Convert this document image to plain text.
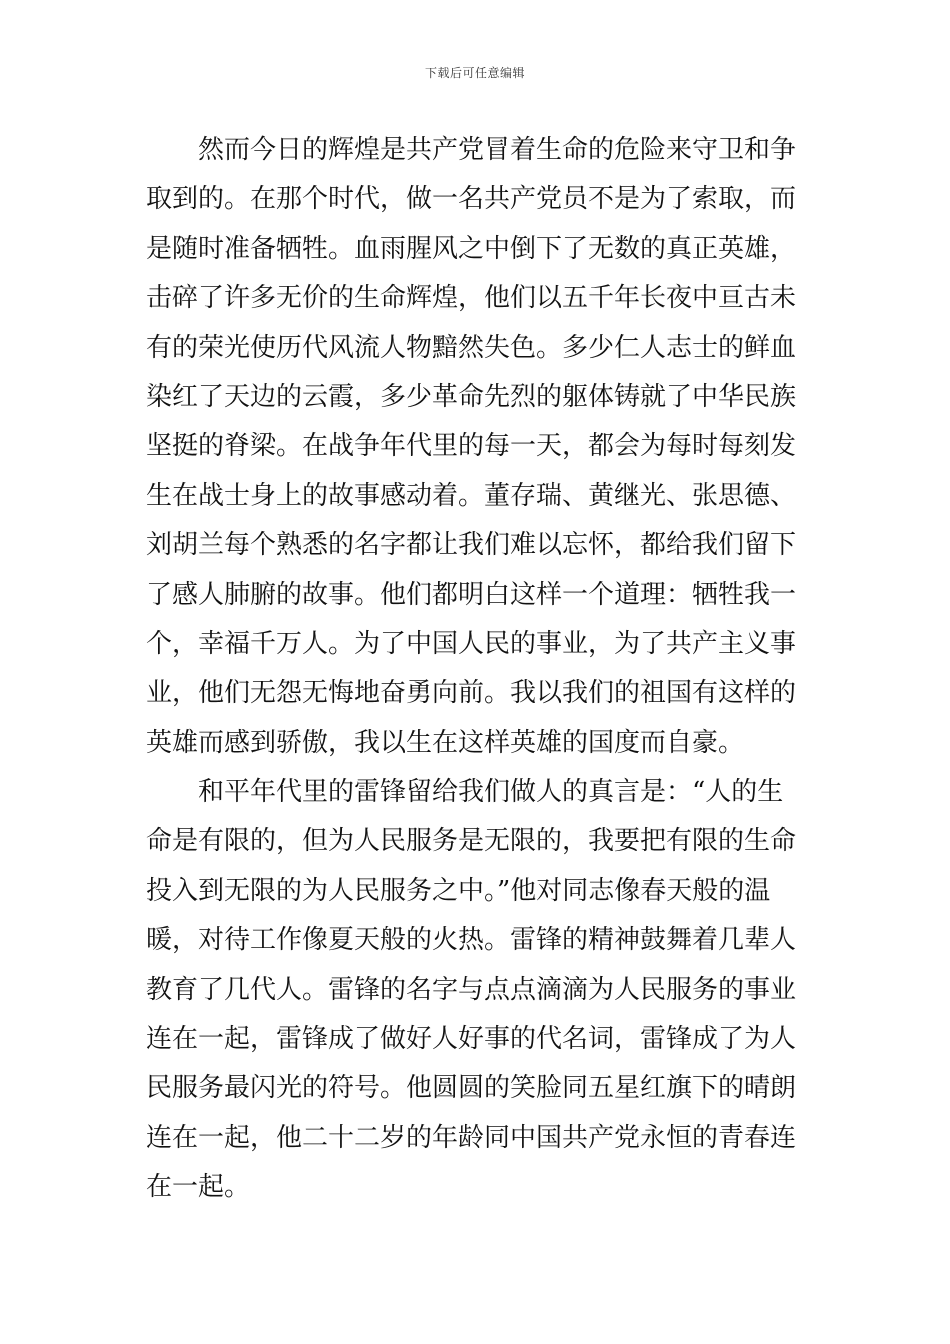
下载后可任意编辑
然而今日的辉煌是共产党冒着生命的危险来守卫和争
取到的。在那个时代，做一名共产党员不是为了索取，而
是随时准备牺牲。血雨腥风之中倒下了无数的真正英雄，
击碎了许多无价的生命辉煌，他们以五千年长夜中亘古未
有的荣光使历代风流人物黯然失色。多少仁人志士的鲜血
染红了天边的云霞，多少革命先烈的躯体铸就了中华民族
坚挺的脊梁。在战争年代里的每一天，都会为每时每刻发
生在战士身上的故事感动着。董存瑞、黄继光、张思德、
刘胡兰每个熟悉的名字都让我们难以忘怀，都给我们留下
了感人肺腑的故事。他们都明白这样一个道理：牺牲我一
个，幸福千万人。为了中国人民的事业，为了共产主义事
业，他们无怨无悔地奋勇向前。我以我们的祖国有这样的
英雄而感到骄傲，我以生在这样英雄的国度而自豪。
和平年代里的雷锋留给我们做人的真言是：“人的生
命是有限的，但为人民服务是无限的，我要把有限的生命
投入到无限的为人民服务之中。”他对同志像春天般的温
暖，对待工作像夏天般的火热。雷锋的精神鼓舞着几辈人
教育了几代人。雷锋的名字与点点滴滴为人民服务的事业
连在一起，雷锋成了做好人好事的代名词，雷锋成了为人
民服务最闪光的符号。他圆圆的笑脸同五星红旗下的晴朗
连在一起，他二十二岁的年龄同中国共产党永恒的青春连
在一起。
